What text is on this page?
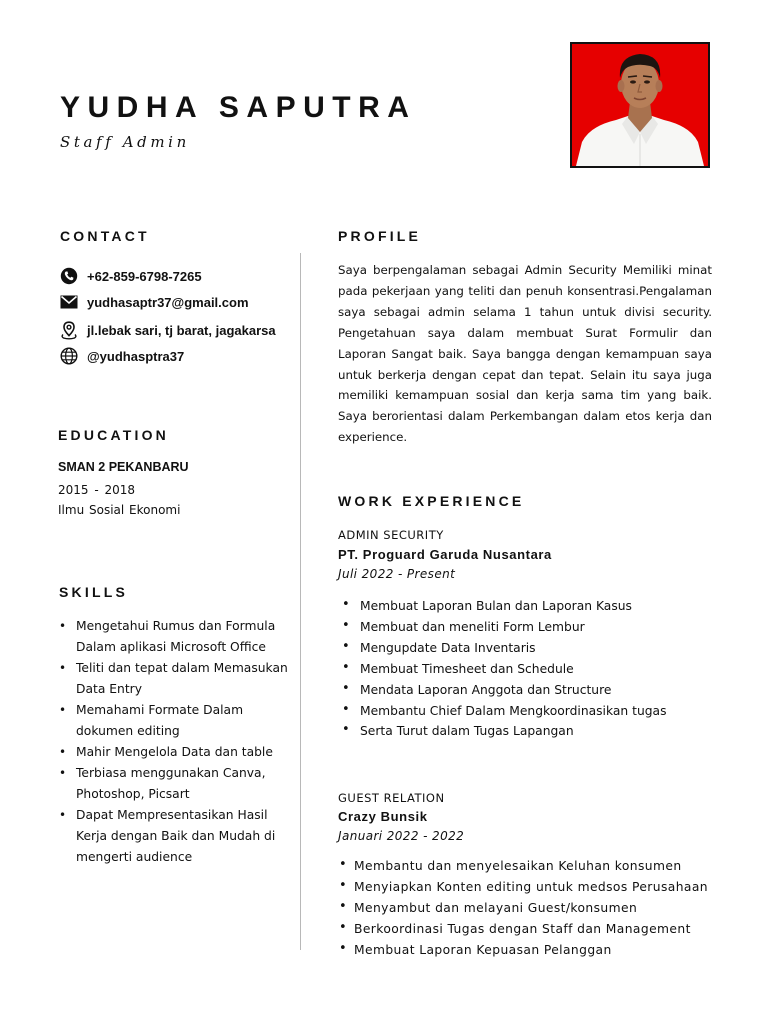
YUDHA SAPUTRA
Staff Admin
CONTACT
+62-859-6798-7265
yudhasaptr37@gmail.com
jl.lebak sari, tj barat, jagakarsa
@yudhasptra37
EDUCATION
SMAN 2 PEKANBARU
2015 - 2018
Ilmu Sosial Ekonomi
SKILLS
• Mengetahui Rumus dan Formula Dalam aplikasi Microsoft Office
• Teliti dan tepat dalam Memasukan Data Entry
• Memahami Formate Dalam dokumen editing
• Mahir Mengelola Data dan table
• Terbiasa menggunakan Canva, Photoshop, Picsart
• Dapat Mempresentasikan Hasil Kerja dengan Baik dan Mudah di mengerti audience
PROFILE
Saya berpengalaman sebagai Admin Security Memiliki minat pada pekerjaan yang teliti dan penuh konsentrasi.Pengalaman saya sebagai admin selama 1 tahun untuk divisi security. Pengetahuan saya dalam membuat Surat Formulir dan Laporan Sangat baik. Saya bangga dengan kemampuan saya untuk berkerja dengan cepat dan tepat. Selain itu saya juga memiliki kemampuan sosial dan kerja sama tim yang baik. Saya berorientasi dalam Perkembangan dalam etos kerja dan experience.
WORK EXPERIENCE
ADMIN SECURITY
PT. Proguard Garuda Nusantara
Juli 2022 - Present
• Membuat Laporan Bulan dan Laporan Kasus
• Membuat dan meneliti Form Lembur
• Mengupdate Data Inventaris
• Membuat Timesheet dan Schedule
• Mendata Laporan Anggota dan Structure
• Membantu Chief Dalam Mengkoordinasikan tugas
• Serta Turut dalam Tugas Lapangan
GUEST RELATION
Crazy Bunsik
Januari 2022 - 2022
• Membantu dan menyelesaikan Keluhan konsumen
• Menyiapkan Konten editing untuk medsos Perusahaan
• Menyambut dan melayani Guest/konsumen
• Berkoordinasi Tugas dengan Staff dan Management
• Membuat Laporan Kepuasan Pelanggan
